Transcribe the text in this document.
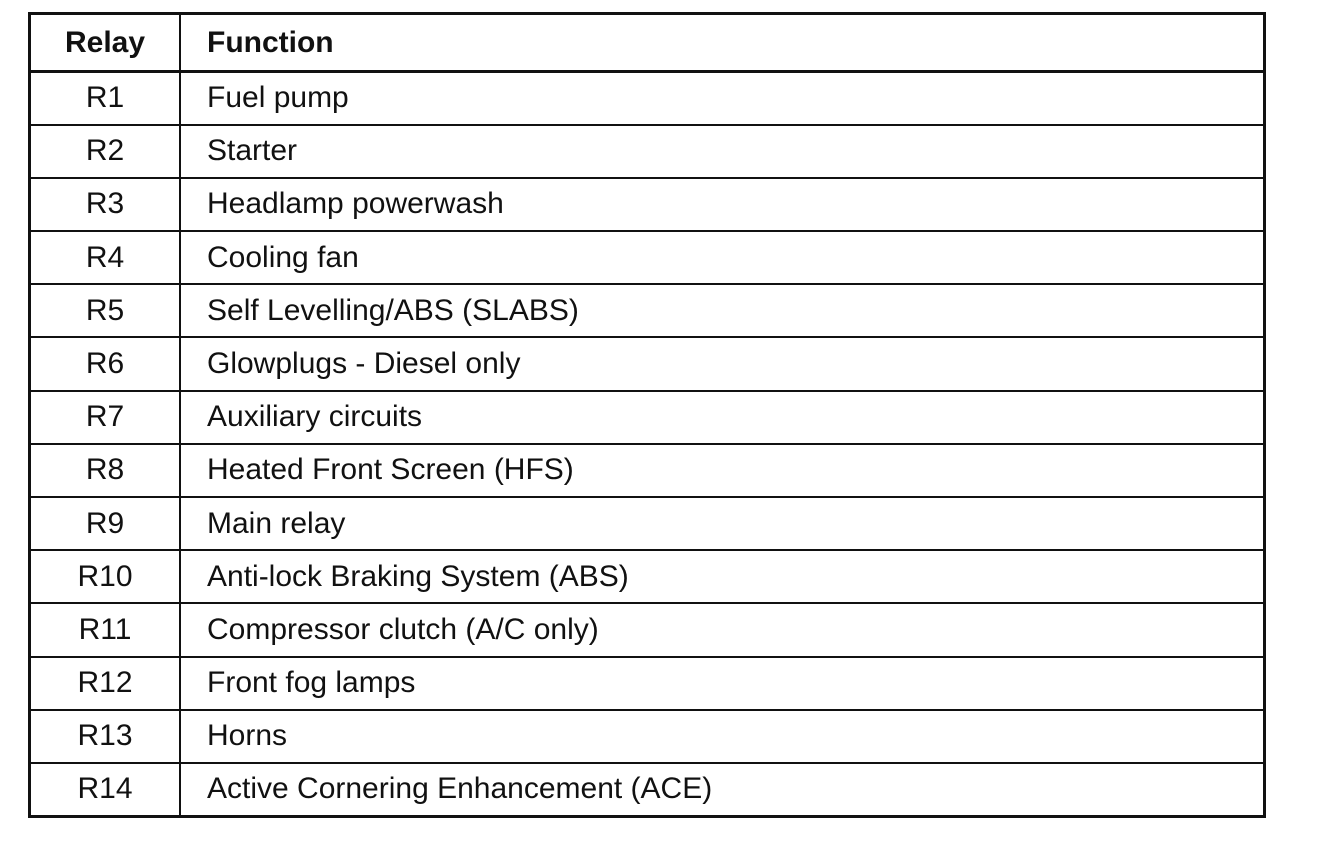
Relay	Function
R1	Fuel pump
R2	Starter
R3	Headlamp powerwash
R4	Cooling fan
R5	Self Levelling/ABS (SLABS)
R6	Glowplugs - Diesel only
R7	Auxiliary circuits
R8	Heated Front Screen (HFS)
R9	Main relay
R10	Anti-lock Braking System (ABS)
R11	Compressor clutch (A/C only)
R12	Front fog lamps
R13	Horns
R14	Active Cornering Enhancement (ACE)
